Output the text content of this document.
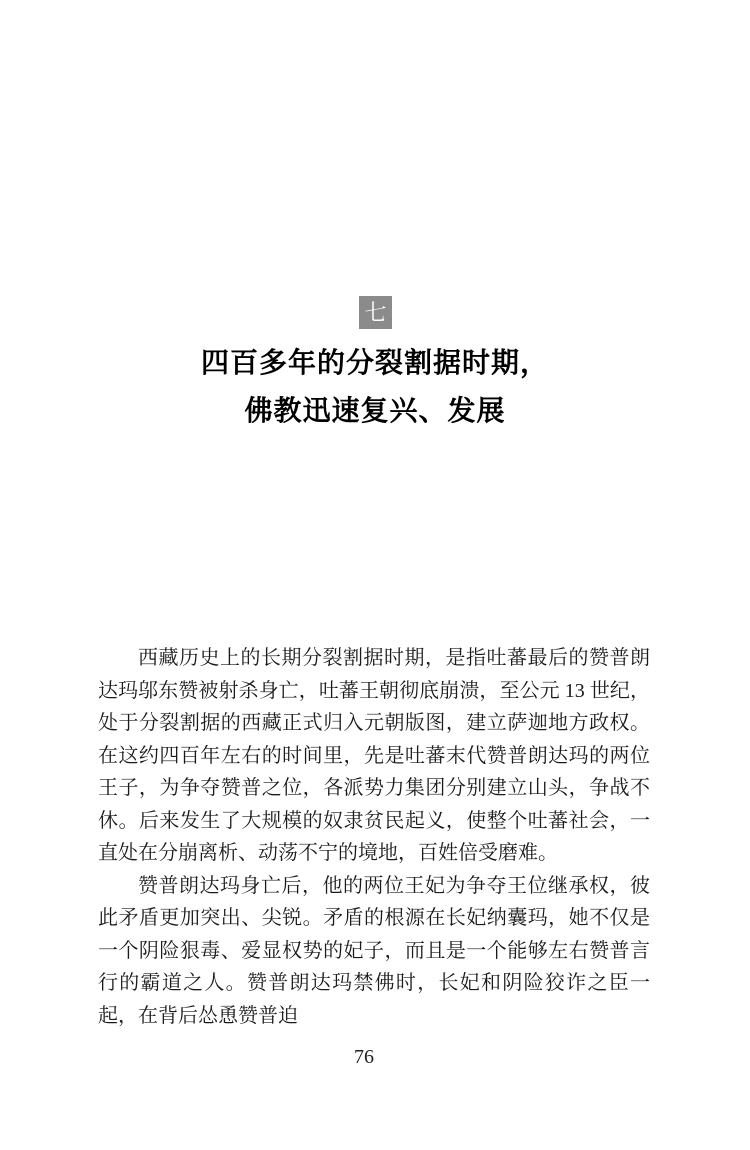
七
四百多年的分裂割据时期，
佛教迅速复兴、发展

西藏历史上的长期分裂割据时期，是指吐蕃最后的赞普朗达玛邬东赞被射杀身亡，吐蕃王朝彻底崩溃，至公元 13 世纪，处于分裂割据的西藏正式归入元朝版图，建立萨迦地方政权。在这约四百年左右的时间里，先是吐蕃末代赞普朗达玛的两位王子，为争夺赞普之位，各派势力集团分别建立山头，争战不休。后来发生了大规模的奴隶贫民起义，使整个吐蕃社会，一直处在分崩离析、动荡不宁的境地，百姓倍受磨难。

赞普朗达玛身亡后，他的两位王妃为争夺王位继承权，彼此矛盾更加突出、尖锐。矛盾的根源在长妃纳囊玛，她不仅是一个阴险狠毒、爱显权势的妃子，而且是一个能够左右赞普言行的霸道之人。赞普朗达玛禁佛时，长妃和阴险狡诈之臣一起，在背后怂恿赞普迫

76
